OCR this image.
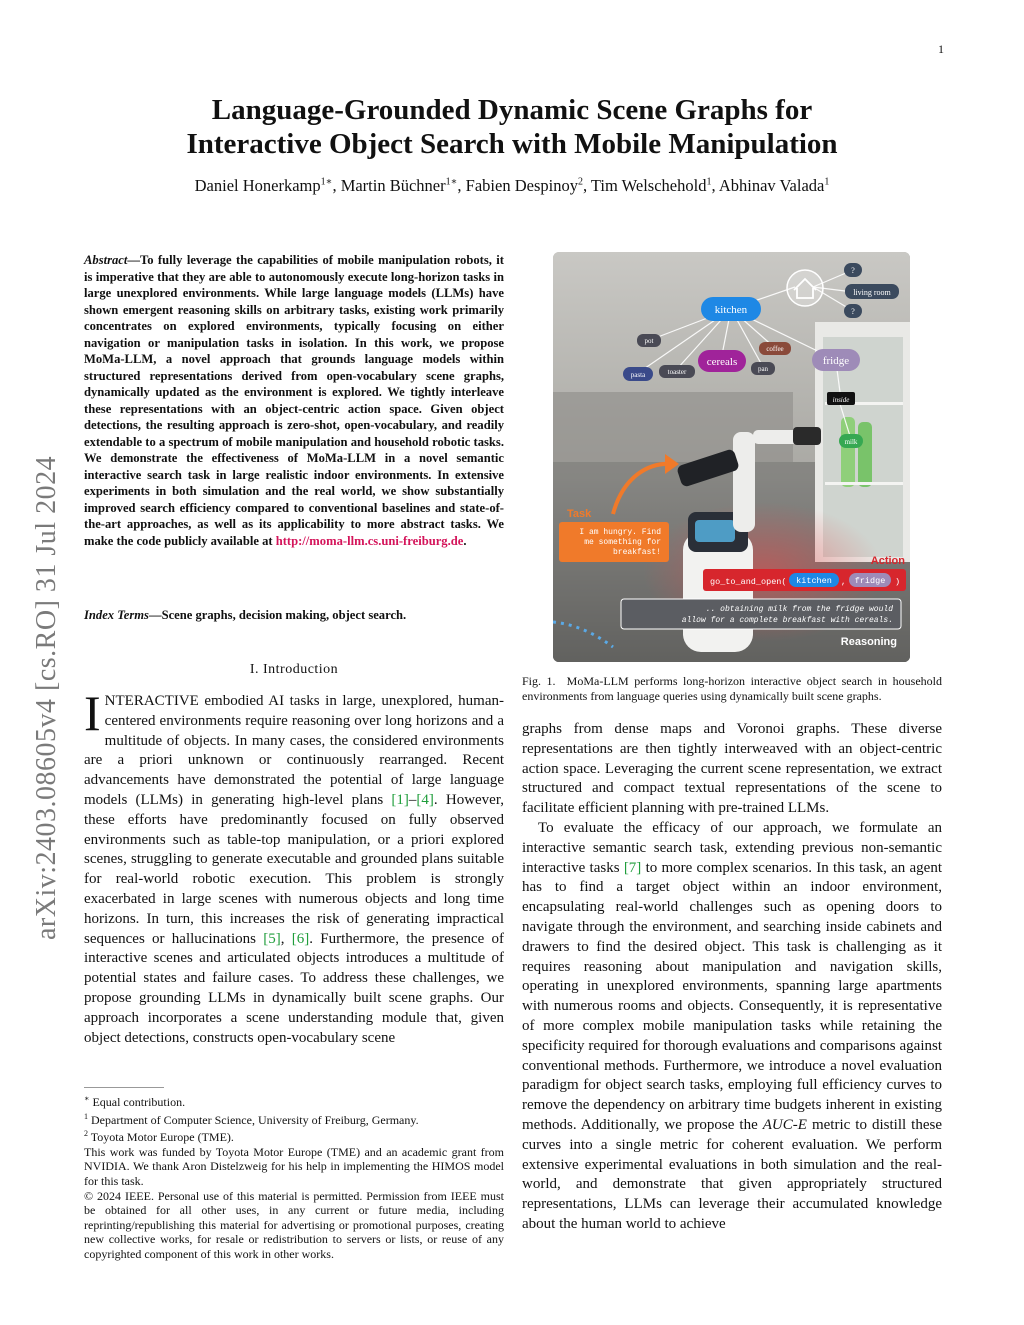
1
arXiv:2403.08605v4 [cs.RO] 31 Jul 2024
Language-Grounded Dynamic Scene Graphs for
Interactive Object Search with Mobile Manipulation
Daniel Honerkamp$^{1∗}$, Martin Büchner$^{1∗}$, Fabien Despinoy$^2$, Tim Welschehold$^1$, Abhinav Valada$^1$
Abstract—To fully leverage the capabilities of mobile manipulation robots, it is imperative that they are able to autonomously execute long-horizon tasks in large unexplored environments. While large language models (LLMs) have shown emergent reasoning skills on arbitrary tasks, existing work primarily concentrates on explored environments, typically focusing on either navigation or manipulation tasks in isolation. In this work, we propose MoMa-LLM, a novel approach that grounds language models within structured representations derived from open-vocabulary scene graphs, dynamically updated as the environment is explored. We tightly interleave these representations with an object-centric action space. Given object detections, the resulting approach is zero-shot, open-vocabulary, and readily extendable to a spectrum of mobile manipulation and household robotic tasks. We demonstrate the effectiveness of MoMa-LLM in a novel semantic interactive search task in large realistic indoor environments. In extensive experiments in both simulation and the real world, we show substantially improved search efficiency compared to conventional baselines and state-of-the-art approaches, as well as its applicability to more abstract tasks. We make the code publicly available at http://moma-llm.cs.uni-freiburg.de.
Index Terms—Scene graphs, decision making, object search.
I. Introduction
INTERACTIVE embodied AI tasks in large, unexplored, human-centered environments require reasoning over long horizons and a multitude of objects. In many cases, the considered environments are a priori unknown or continuously rearranged. Recent advancements have demonstrated the potential of large language models (LLMs) in generating high-level plans [1]–[4]. However, these efforts have predominantly focused on fully observed environments such as table-top manipulation, or a priori explored scenes, struggling to generate executable and grounded plans suitable for real-world robotic execution. This problem is strongly exacerbated in large scenes with numerous objects and long time horizons. In turn, this increases the risk of generating impractical sequences or hallucinations [5], [6]. Furthermore, the presence of interactive scenes and articulated objects introduces a multitude of potential states and failure cases. To address these challenges, we propose grounding LLMs in dynamically built scene graphs. Our approach incorporates a scene understanding module that, given object detections, constructs open-vocabulary scene
∗ Equal contribution.
$^1$ Department of Computer Science, University of Freiburg, Germany.
$^2$ Toyota Motor Europe (TME).
This work was funded by Toyota Motor Europe (TME) and an academic grant from NVIDIA. We thank Aron Distelzweig for his help in implementing the HIMOS model for this task.
© 2024 IEEE. Personal use of this material is permitted. Permission from IEEE must be obtained for all other uses, in any current or future media, including reprinting/republishing this material for advertising or promotional purposes, creating new collective works, for resale or redistribution to servers or lists, or reuse of any copyrighted component of this work in other works.
kitchen
living room
?
?
pot
pasta	toaster
cereals
coffee
pan
fridge
inside
milk
Task
I am hungry. Find
me something for
breakfast!
Action
go_to_and_open( kitchen , fridge )
.. obtaining milk from the fridge would
allow for a complete breakfast with cereals.
Reasoning
Fig. 1. MoMa-LLM performs long-horizon interactive object search in household environments from language queries using dynamically built scene graphs.

graphs from dense maps and Voronoi graphs. These diverse representations are then tightly interweaved with an object-centric action space. Leveraging the current scene representation, we extract structured and compact textual representations of the scene to facilitate efficient planning with pre-trained LLMs.

To evaluate the efficacy of our approach, we formulate an interactive semantic search task, extending previous non-semantic interactive tasks [7] to more complex scenarios. In this task, an agent has to find a target object within an indoor environment, encapsulating real-world challenges such as opening doors to navigate through the environment, and searching inside cabinets and drawers to find the desired object. This task is challenging as it requires reasoning about manipulation and navigation skills, operating in unexplored environments, spanning large apartments with numerous rooms and objects. Consequently, it is representative of more complex mobile manipulation tasks while retaining the specificity required for thorough evaluations and comparisons against conventional methods. Furthermore, we introduce a novel evaluation paradigm for object search tasks, employing full efficiency curves to remove the dependency on arbitrary time budgets inherent in existing methods. Additionally, we propose the AUC-E metric to distill these curves into a single metric for coherent evaluation. We perform extensive experimental evaluations in both simulation and the real-world, and demonstrate that given appropriately structured representations, LLMs can leverage their accumulated knowledge about the human world to achieve
